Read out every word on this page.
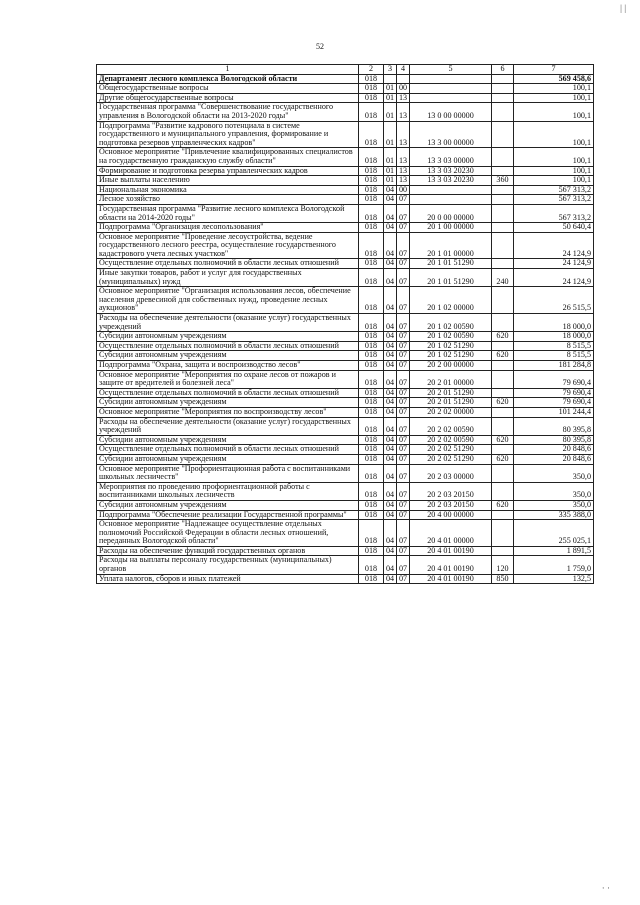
| |
52
1	2	3	4	5	6	7
Департамент лесного комплекса Вологодской области	018					569 458,6
Общегосударственные вопросы	018	01	00			100,1
Другие общегосударственные вопросы	018	01	13			100,1
Государственная программа "Совершенствование государственного управления в Вологодской области на 2013-2020 годы"	018	01	13	13 0 00 00000		100,1
Подпрограмма "Развитие кадрового потенциала в системе государственного и муниципального управления, формирование и подготовка резервов управленческих кадров"	018	01	13	13 3 00 00000		100,1
Основное мероприятие "Привлечение квалифицированных специалистов на государственную гражданскую службу области"	018	01	13	13 3 03 00000		100,1
Формирование и подготовка резерва управленческих кадров	018	01	13	13 3 03 20230		100,1
Иные выплаты населению	018	01	13	13 3 03 20230	360	100,1
Национальная экономика	018	04	00			567 313,2
Лесное хозяйство	018	04	07			567 313,2
Государственная программа "Развитие лесного комплекса Вологодской области на 2014-2020 годы"	018	04	07	20 0 00 00000		567 313,2
Подпрограмма "Организация лесопользования"	018	04	07	20 1 00 00000		50 640,4
Основное мероприятие "Проведение лесоустройства, ведение государственного лесного реестра, осуществление государственного кадастрового учета лесных участков"	018	04	07	20 1 01 00000		24 124,9
Осуществление отдельных полномочий в области лесных отношений	018	04	07	20 1 01 51290		24 124,9
Иные закупки товаров, работ и услуг для государственных (муниципальных) нужд	018	04	07	20 1 01 51290	240	24 124,9
Основное мероприятие "Организация использования лесов, обеспечение населения древесиной для собственных нужд, проведение лесных аукционов"	018	04	07	20 1 02 00000		26 515,5
Расходы на обеспечение деятельности (оказание услуг) государственных учреждений	018	04	07	20 1 02 00590		18 000,0
Субсидии автономным учреждениям	018	04	07	20 1 02 00590	620	18 000,0
Осуществление отдельных полномочий в области лесных отношений	018	04	07	20 1 02 51290		8 515,5
Субсидии автономным учреждениям	018	04	07	20 1 02 51290	620	8 515,5
Подпрограмма "Охрана, защита и воспроизводство лесов"	018	04	07	20 2 00 00000		181 284,8
Основное мероприятие "Мероприятия по охране лесов от пожаров и защите от вредителей и болезней леса"	018	04	07	20 2 01 00000		79 690,4
Осуществление отдельных полномочий в области лесных отношений	018	04	07	20 2 01 51290		79 690,4
Субсидии автономным учреждениям	018	04	07	20 2 01 51290	620	79 690,4
Основное мероприятие "Мероприятия по воспроизводству лесов"	018	04	07	20 2 02 00000		101 244,4
Расходы на обеспечение деятельности (оказание услуг) государственных учреждений	018	04	07	20 2 02 00590		80 395,8
Субсидии автономным учреждениям	018	04	07	20 2 02 00590	620	80 395,8
Осуществление отдельных полномочий в области лесных отношений	018	04	07	20 2 02 51290		20 848,6
Субсидии автономным учреждениям	018	04	07	20 2 02 51290	620	20 848,6
Основное мероприятие "Профориентационная работа с воспитанниками школьных лесничеств"	018	04	07	20 2 03 00000		350,0
Мероприятия по проведению профориентационной работы с воспитанниками школьных лесничеств	018	04	07	20 2 03 20150		350,0
Субсидии автономным учреждениям	018	04	07	20 2 03 20150	620	350,0
Подпрограмма "Обеспечение реализации Государственной программы"	018	04	07	20 4 00 00000		335 388,0
Основное мероприятие "Надлежащее осуществление отдельных полномочий Российской Федерации в области лесных отношений, переданных Вологодской области"	018	04	07	20 4 01 00000		255 025,1
Расходы на обеспечение функций государственных органов	018	04	07	20 4 01 00190		1 891,5
Расходы на выплаты персоналу государственных (муниципальных) органов	018	04	07	20 4 01 00190	120	1 759,0
Уплата налогов, сборов и иных платежей	018	04	07	20 4 01 00190	850	132,5
· ·
